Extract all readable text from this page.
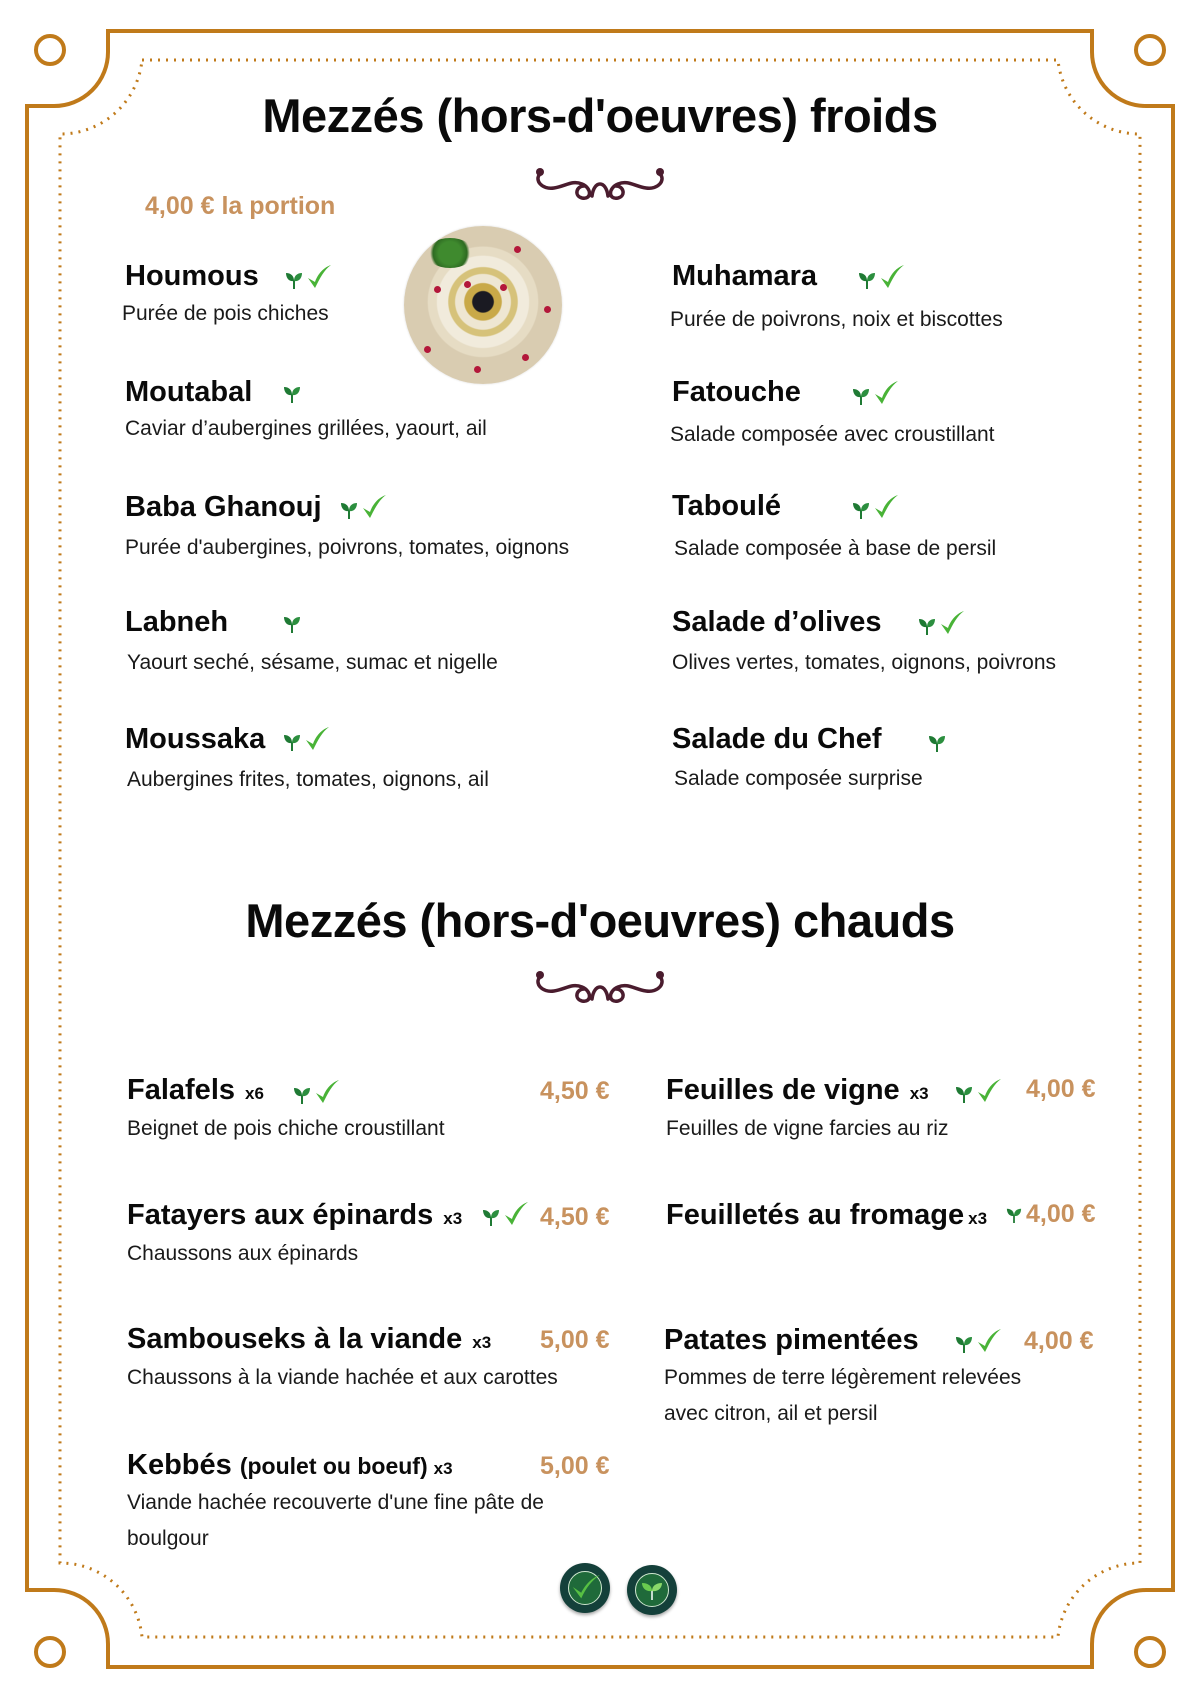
Mezzés (hors-d'oeuvres) froids
4,00 € la portion
Houmous
Purée de pois chiches
Moutabal
Caviar d’aubergines grillées, yaourt, ail
Baba Ghanouj
Purée d'aubergines, poivrons, tomates, oignons
Labneh
Yaourt seché, sésame, sumac et nigelle
Moussaka
Aubergines frites, tomates, oignons, ail
Muhamara
Purée de poivrons, noix et biscottes
Fatouche
Salade composée avec croustillant
Taboulé
Salade composée à base de persil
Salade d’olives
Olives vertes, tomates, oignons, poivrons
Salade du Chef
Salade composée surprise
Mezzés (hors-d'oeuvres) chauds
Falafels x6	4,50 €
Beignet de pois chiche croustillant
Fatayers aux épinards x3	4,50 €
Chaussons aux épinards
Sambouseks à la viande x3 5,00 €
Chaussons à la viande hachée et aux carottes
Kebbés (poulet ou boeuf) x3	5,00 €
Viande hachée recouverte d'une fine pâte de
boulgour
Feuilles de vigne x3	4,00 €
Feuilles de vigne farcies au riz
Feuilletés au fromage x3 4,00 €
Patates pimentées	4,00 €
Pommes de terre légèrement relevées
avec citron, ail et persil
